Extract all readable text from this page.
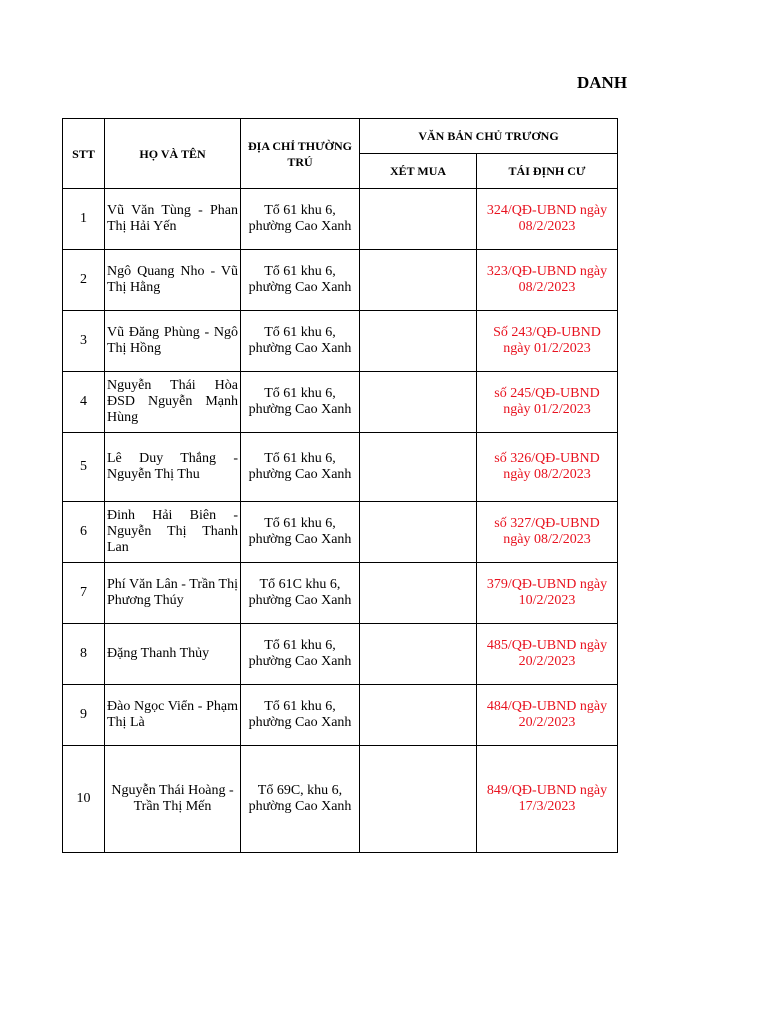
DANH
STT	HỌ VÀ TÊN	ĐỊA CHỈ THƯỜNG TRÚ	VĂN BẢN CHỦ TRƯƠNG	
			XÉT MUA	TÁI ĐỊNH CƯ
1	Vũ Văn Tùng - Phan Thị Hải Yến	Tổ 61 khu 6, phường Cao Xanh		324/QĐ-UBND ngày 08/2/2023
2	Ngô Quang Nho - Vũ Thị Hằng	Tổ 61 khu 6, phường Cao Xanh		323/QĐ-UBND ngày 08/2/2023
3	Vũ Đăng Phùng - Ngô Thị Hồng	Tổ 61 khu 6, phường Cao Xanh		Số 243/QĐ-UBND ngày 01/2/2023
4	Nguyễn Thái Hòa ĐSD Nguyễn Mạnh Hùng	Tổ 61 khu 6, phường Cao Xanh		số 245/QĐ-UBND ngày 01/2/2023
5	Lê Duy Thắng - Nguyễn Thị Thu	Tổ 61 khu 6, phường Cao Xanh		số 326/QĐ-UBND ngày 08/2/2023
6	Đinh Hải Biên - Nguyễn Thị Thanh Lan	Tổ 61 khu 6, phường Cao Xanh		số 327/QĐ-UBND ngày 08/2/2023
7	Phí Văn Lân - Trần Thị Phương Thúy	Tổ 61C khu 6, phường Cao Xanh		379/QĐ-UBND ngày 10/2/2023
8	Đặng Thanh Thủy	Tổ 61 khu 6, phường Cao Xanh		485/QĐ-UBND ngày 20/2/2023
9	Đào Ngọc Viển - Phạm Thị Là	Tổ 61 khu 6, phường Cao Xanh		484/QĐ-UBND ngày 20/2/2023
10	Nguyễn Thái Hoàng - Trần Thị Mến	Tổ 69C, khu 6, phường Cao Xanh		849/QĐ-UBND ngày 17/3/2023
